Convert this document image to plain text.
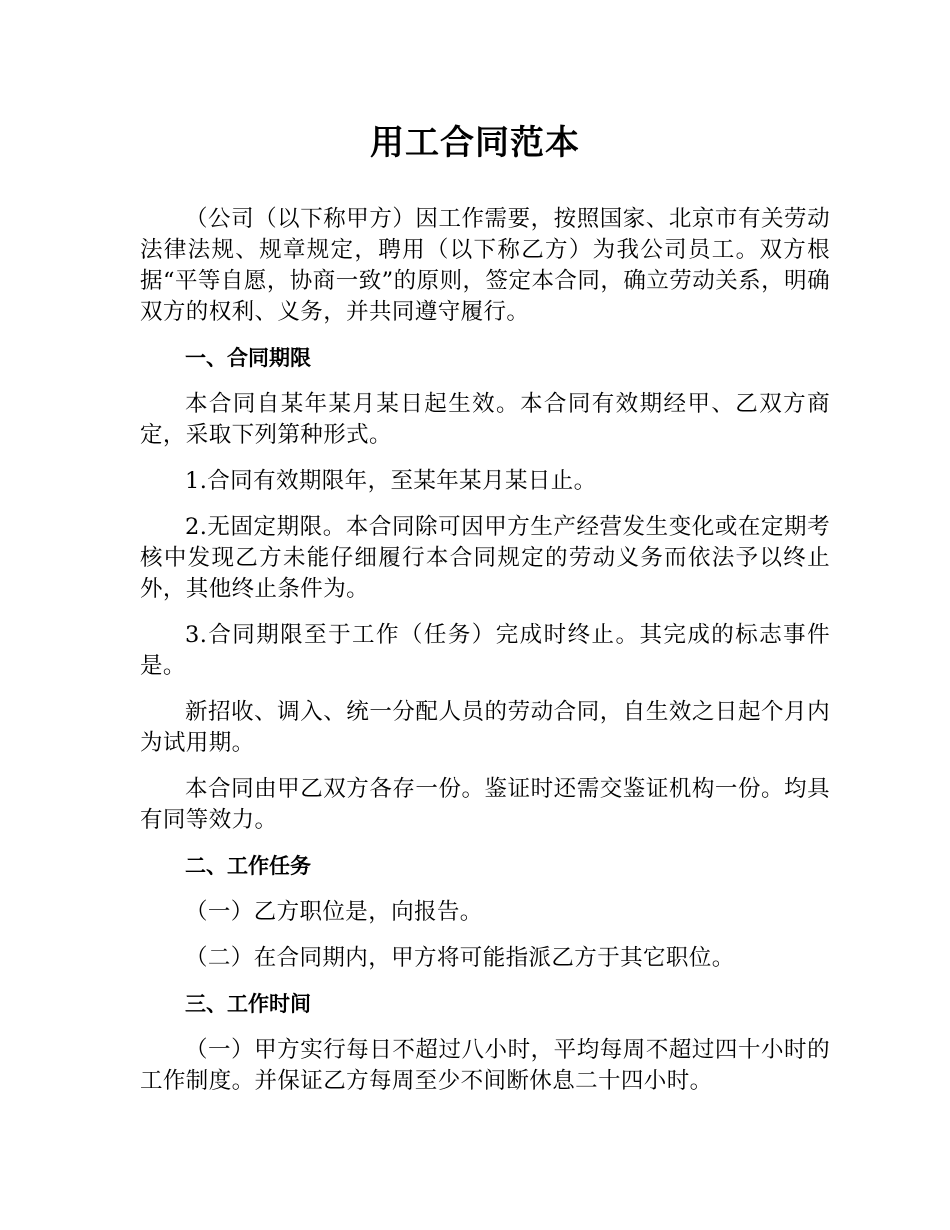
用工合同范本

（公司（以下称甲方）因工作需要，按照国家、北京市有关劳动法律法规、规章规定，聘用（以下称乙方）为我公司员工。双方根据“平等自愿，协商一致”的原则，签定本合同，确立劳动关系，明确双方的权利、义务，并共同遵守履行。

一、合同期限

本合同自某年某月某日起生效。本合同有效期经甲、乙双方商定，采取下列第种形式。

1.合同有效期限年，至某年某月某日止。

2.无固定期限。本合同除可因甲方生产经营发生变化或在定期考核中发现乙方未能仔细履行本合同规定的劳动义务而依法予以终止外，其他终止条件为。

3.合同期限至于工作（任务）完成时终止。其完成的标志事件是。

新招收、调入、统一分配人员的劳动合同，自生效之日起个月内为试用期。

本合同由甲乙双方各存一份。鉴证时还需交鉴证机构一份。均具有同等效力。

二、工作任务

（一）乙方职位是，向报告。

（二）在合同期内，甲方将可能指派乙方于其它职位。

三、工作时间

（一）甲方实行每日不超过八小时，平均每周不超过四十小时的工作制度。并保证乙方每周至少不间断休息二十四小时。
